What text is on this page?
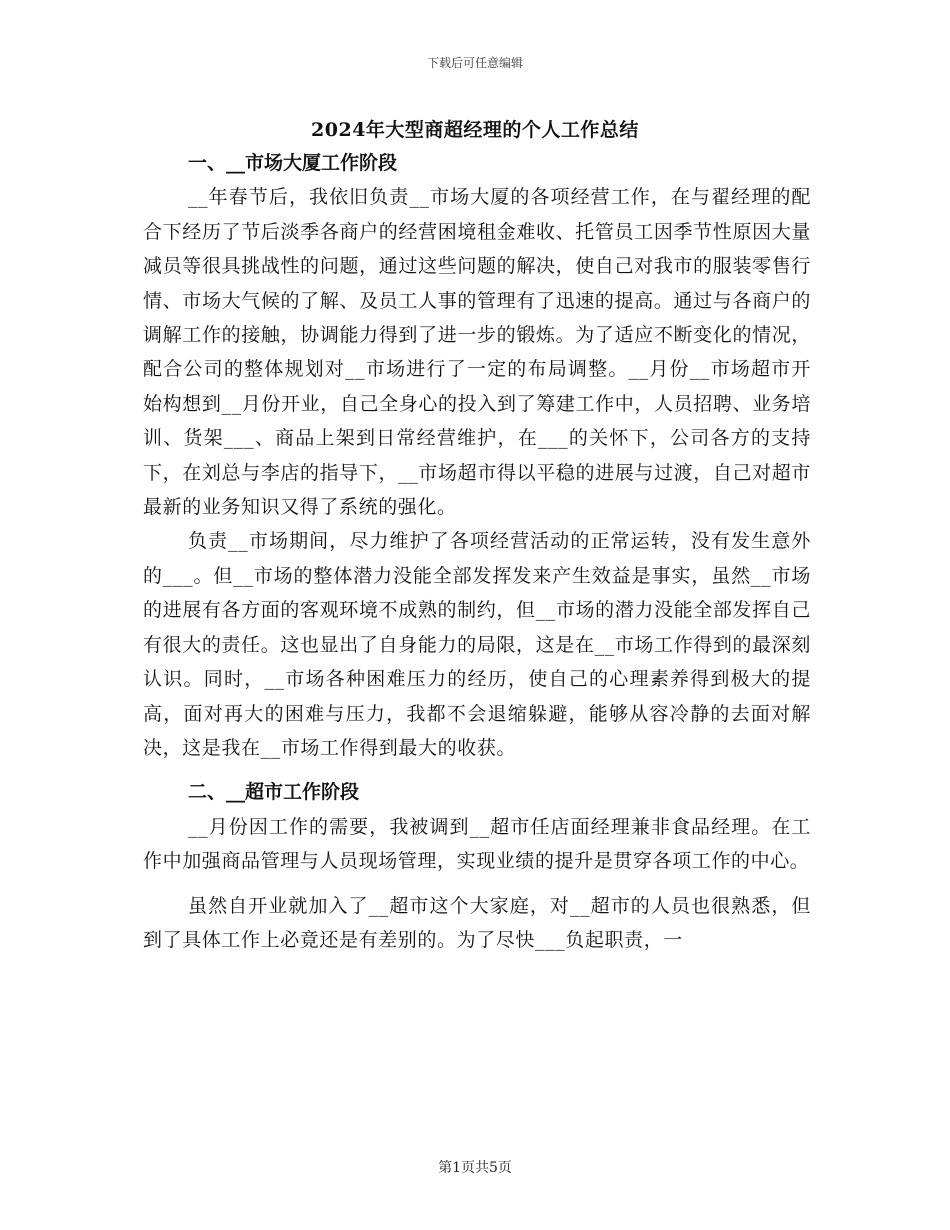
下载后可任意编辑
2024年大型商超经理的个人工作总结

一、__市场大厦工作阶段

__年春节后，我依旧负责__市场大厦的各项经营工作，在与翟经理的配合下经历了节后淡季各商户的经营困境租金难收、托管员工因季节性原因大量减员等很具挑战性的问题，通过这些问题的解决，使自己对我市的服装零售行情、市场大气候的了解、及员工人事的管理有了迅速的提高。通过与各商户的调解工作的接触，协调能力得到了进一步的锻炼。为了适应不断变化的情况，配合公司的整体规划对__市场进行了一定的布局调整。__月份__市场超市开始构想到__月份开业，自己全身心的投入到了筹建工作中，人员招聘、业务培训、货架___、商品上架到日常经营维护，在___的关怀下，公司各方的支持下，在刘总与李店的指导下，__市场超市得以平稳的进展与过渡，自己对超市最新的业务知识又得了系统的强化。

负责__市场期间，尽力维护了各项经营活动的正常运转，没有发生意外的___。但__市场的整体潜力没能全部发挥发来产生效益是事实，虽然__市场的进展有各方面的客观环境不成熟的制约，但__市场的潜力没能全部发挥自己有很大的责任。这也显出了自身能力的局限，这是在__市场工作得到的最深刻认识。同时，__市场各种困难压力的经历，使自己的心理素养得到极大的提高，面对再大的困难与压力，我都不会退缩躲避，能够从容冷静的去面对解决，这是我在__市场工作得到最大的收获。

二、__超市工作阶段

__月份因工作的需要，我被调到__超市任店面经理兼非食品经理。在工作中加强商品管理与人员现场管理，实现业绩的提升是贯穿各项工作的中心。

虽然自开业就加入了__超市这个大家庭，对__超市的人员也很熟悉，但到了具体工作上必竟还是有差别的。为了尽快___负起职责，一

第1页共5页
